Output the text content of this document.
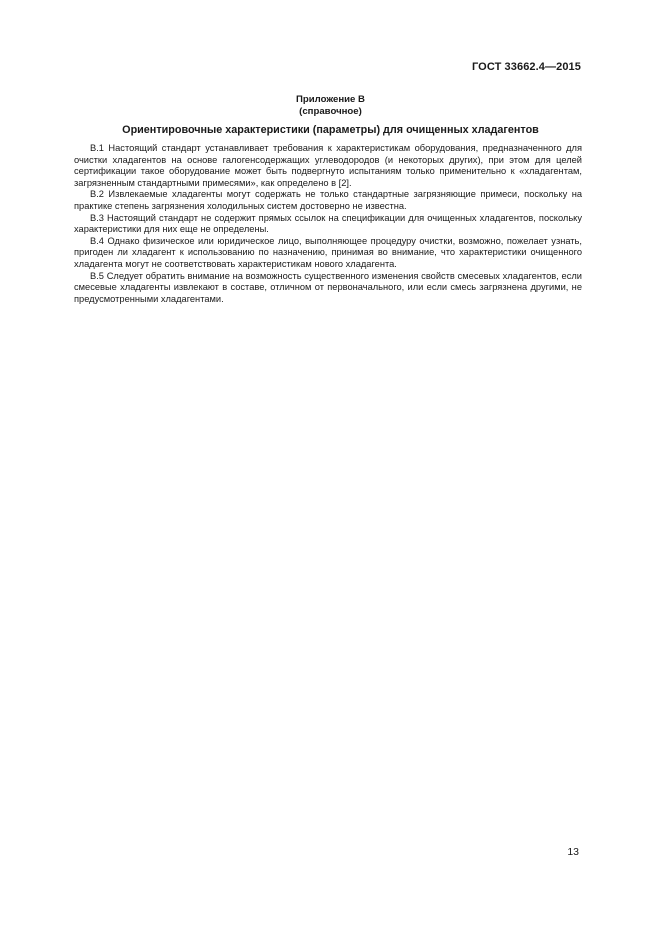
ГОСТ 33662.4—2015
Приложение В
(справочное)
Ориентировочные характеристики (параметры) для очищенных хладагентов

В.1 Настоящий стандарт устанавливает требования к характеристикам оборудования, предназначенного для очистки хладагентов на основе галогенсодержащих углеводородов (и некоторых других), при этом для целей сертификации такое оборудование может быть подвергнуто испытаниям только применительно к «хладагентам, загрязненным стандартными примесями», как определено в [2].

В.2 Извлекаемые хладагенты могут содержать не только стандартные загрязняющие примеси, поскольку на практике степень загрязнения холодильных систем достоверно не известна.

В.3 Настоящий стандарт не содержит прямых ссылок на спецификации для очищенных хладагентов, поскольку характеристики для них еще не определены.

В.4 Однако физическое или юридическое лицо, выполняющее процедуру очистки, возможно, пожелает узнать, пригоден ли хладагент к использованию по назначению, принимая во внимание, что характеристики очищенного хладагента могут не соответствовать характеристикам нового хладагента.

В.5 Следует обратить внимание на возможность существенного изменения свойств смесевых хладагентов, если смесевые хладагенты извлекают в составе, отличном от первоначального, или если смесь загрязнена другими, не предусмотренными хладагентами.

13
